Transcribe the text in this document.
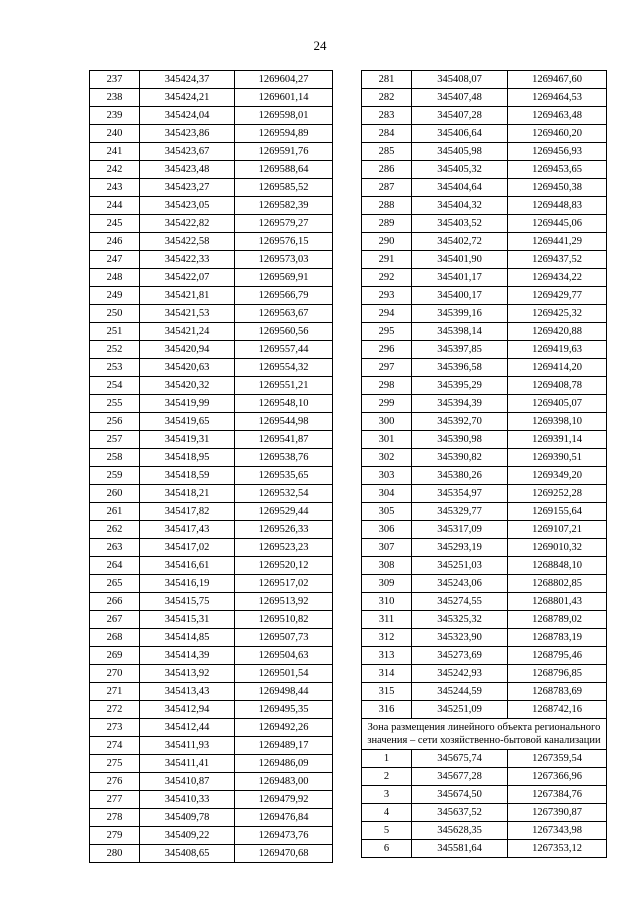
24
237	345424,37	1269604,27
238	345424,21	1269601,14
239	345424,04	1269598,01
240	345423,86	1269594,89
241	345423,67	1269591,76
242	345423,48	1269588,64
243	345423,27	1269585,52
244	345423,05	1269582,39
245	345422,82	1269579,27
246	345422,58	1269576,15
247	345422,33	1269573,03
248	345422,07	1269569,91
249	345421,81	1269566,79
250	345421,53	1269563,67
251	345421,24	1269560,56
252	345420,94	1269557,44
253	345420,63	1269554,32
254	345420,32	1269551,21
255	345419,99	1269548,10
256	345419,65	1269544,98
257	345419,31	1269541,87
258	345418,95	1269538,76
259	345418,59	1269535,65
260	345418,21	1269532,54
261	345417,82	1269529,44
262	345417,43	1269526,33
263	345417,02	1269523,23
264	345416,61	1269520,12
265	345416,19	1269517,02
266	345415,75	1269513,92
267	345415,31	1269510,82
268	345414,85	1269507,73
269	345414,39	1269504,63
270	345413,92	1269501,54
271	345413,43	1269498,44
272	345412,94	1269495,35
273	345412,44	1269492,26
274	345411,93	1269489,17
275	345411,41	1269486,09
276	345410,87	1269483,00
277	345410,33	1269479,92
278	345409,78	1269476,84
279	345409,22	1269473,76
280	345408,65	1269470,68
281	345408,07	1269467,60
282	345407,48	1269464,53
283	345407,28	1269463,48
284	345406,64	1269460,20
285	345405,98	1269456,93
286	345405,32	1269453,65
287	345404,64	1269450,38
288	345404,32	1269448,83
289	345403,52	1269445,06
290	345402,72	1269441,29
291	345401,90	1269437,52
292	345401,17	1269434,22
293	345400,17	1269429,77
294	345399,16	1269425,32
295	345398,14	1269420,88
296	345397,85	1269419,63
297	345396,58	1269414,20
298	345395,29	1269408,78
299	345394,39	1269405,07
300	345392,70	1269398,10
301	345390,98	1269391,14
302	345390,82	1269390,51
303	345380,26	1269349,20
304	345354,97	1269252,28
305	345329,77	1269155,64
306	345317,09	1269107,21
307	345293,19	1269010,32
308	345251,03	1268848,10
309	345243,06	1268802,85
310	345274,55	1268801,43
311	345325,32	1268789,02
312	345323,90	1268783,19
313	345273,69	1268795,46
314	345242,93	1268796,85
315	345244,59	1268783,69
316	345251,09	1268742,16
Зона размещения линейного объекта регионального значения – сети хозяйственно-бытовой канализации		
1	345675,74	1267359,54
2	345677,28	1267366,96
3	345674,50	1267384,76
4	345637,52	1267390,87
5	345628,35	1267343,98
6	345581,64	1267353,12
